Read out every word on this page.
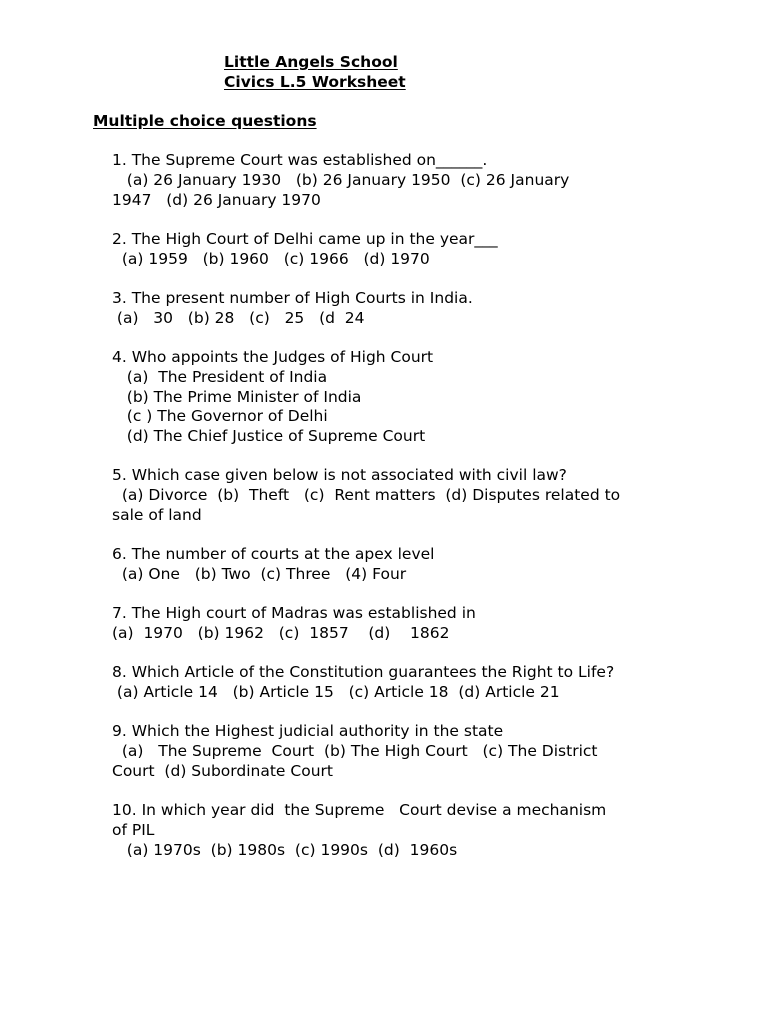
Little Angels School
Civics L.5 Worksheet
Multiple choice questions
1. The Supreme Court was established on______.
(a) 26 January 1930   (b) 26 January 1950  (c) 26 January
1947   (d) 26 January 1970
2. The High Court of Delhi came up in the year___
(a) 1959   (b) 1960   (c) 1966   (d) 1970
3. The present number of High Courts in India.
(a)   30   (b) 28   (c)   25   (d  24
4. Who appoints the Judges of High Court
(a)  The President of India
(b) The Prime Minister of India
(c ) The Governor of Delhi
(d) The Chief Justice of Supreme Court
5. Which case given below is not associated with civil law?
(a) Divorce  (b)  Theft   (c)  Rent matters  (d) Disputes related to
sale of land
6. The number of courts at the apex level
(a) One   (b) Two  (c) Three   (4) Four
7. The High court of Madras was established in
(a)  1970   (b) 1962   (c)  1857    (d)    1862
8. Which Article of the Constitution guarantees the Right to Life?
(a) Article 14   (b) Article 15   (c) Article 18  (d) Article 21
9. Which the Highest judicial authority in the state
(a)   The Supreme  Court  (b) The High Court   (c) The District
Court  (d) Subordinate Court
10. In which year did  the Supreme   Court devise a mechanism
of PIL
(a) 1970s  (b) 1980s  (c) 1990s  (d)  1960s
